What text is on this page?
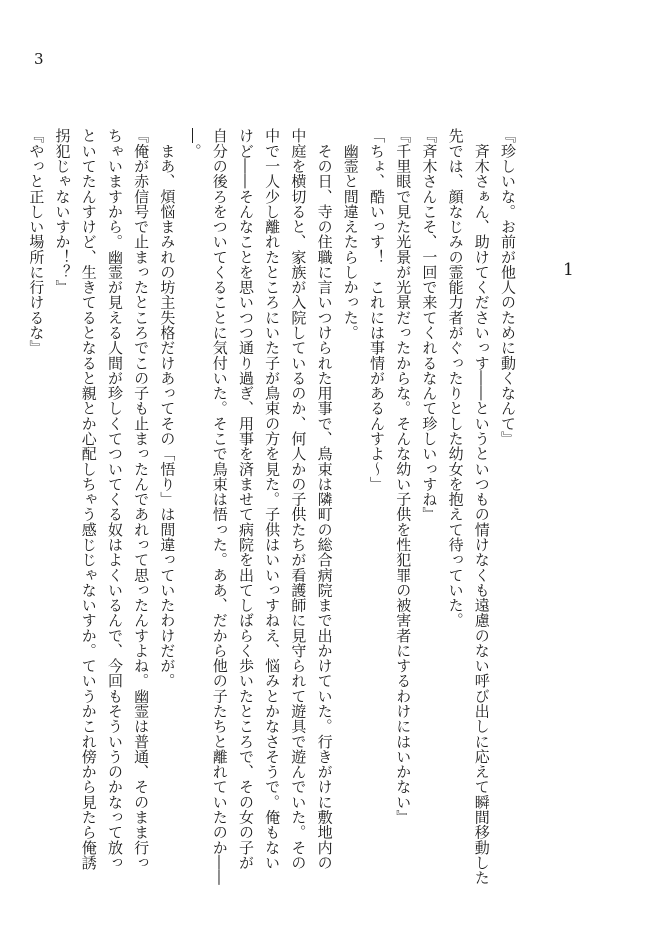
3
1
『珍しいな。お前が他人のために動くなんて』
　斉木さぁん、助けてくださいっす――というといつもの情けなくも遠慮のない呼び出しに応えて瞬間移動した
先では、顔なじみの霊能力者がぐったりとした幼女を抱えて待っていた。
『斉木さんこそ、一回で来てくれるなんて珍しいっすね』
『千里眼で見た光景が光景だったからな。そんな幼い子供を性犯罪の被害者にするわけにはいかない』
「ちょ、酷いっす！　これには事情があるんすよ～」
　幽霊と間違えたらしかった。
　その日、寺の住職に言いつけられた用事で、鳥束は隣町の総合病院まで出かけていた。行きがけに敷地内の
中庭を横切ると、家族が入院しているのか、何人かの子供たちが看護師に見守られて遊具で遊んでいた。その
中で一人少し離れたところにいた子が鳥束の方を見た。子供はいいっすねえ、悩みとかなさそうで。俺もない
けど――そんなことを思いつつ通り過ぎ、用事を済ませて病院を出てしばらく歩いたところで、その女の子が
自分の後ろをついてくることに気付いた。そこで鳥束は悟った。ああ、だから他の子たちと離れていたのか――
―。
　まあ、煩悩まみれの坊主失格だけあってその「悟り」は間違っていたわけだが。
『俺が赤信号で止まったところでこの子も止まったんであれって思ったんすよね。幽霊は普通、そのまま行っ
ちゃいますから。幽霊が見える人間が珍しくてついてくる奴はよくいるんで、今回もそういうのかなって放っ
といてたんすけど、生きてるとなると親とか心配しちゃう感じじゃないすか。ていうかこれ傍から見たら俺誘
拐犯じゃないすか！？』
『やっと正しい場所に行けるな』
